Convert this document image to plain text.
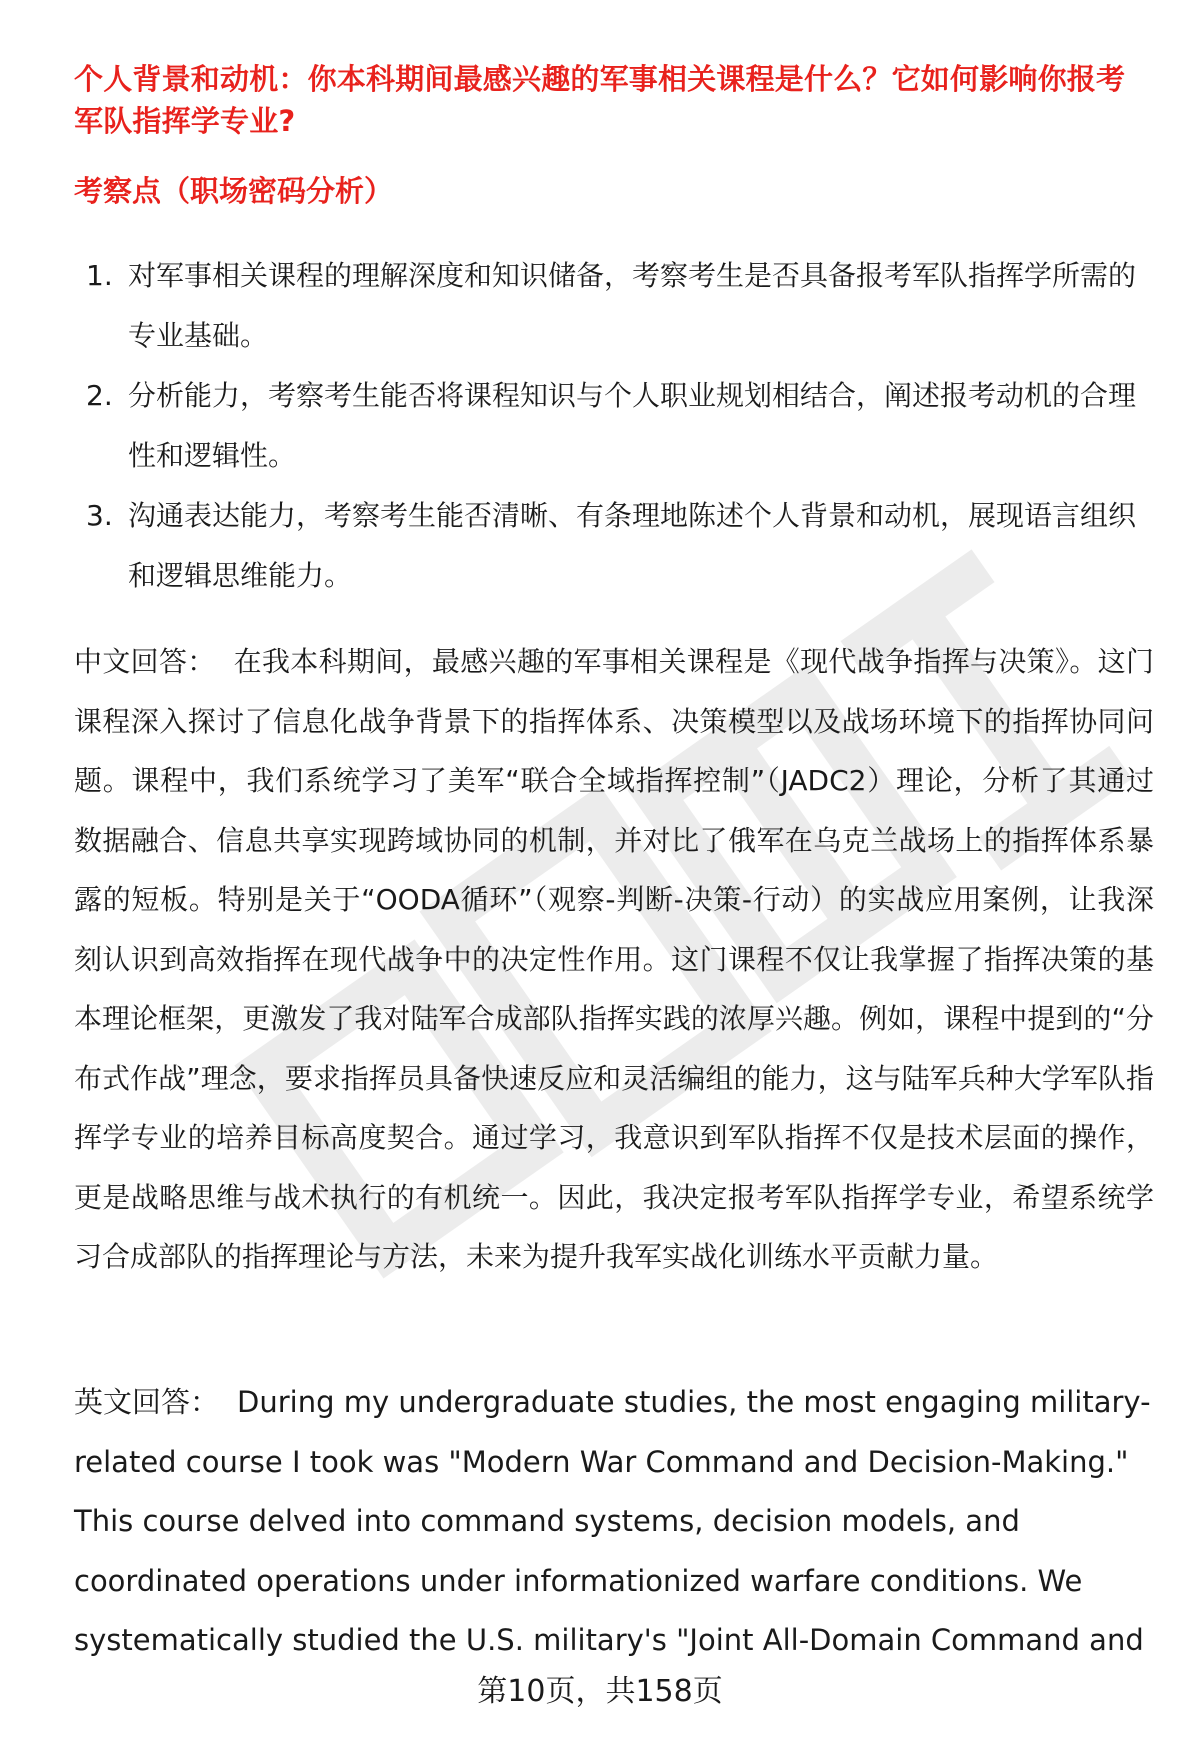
个人背景和动机：你本科期间最感兴趣的军事相关课程是什么？它如何影响你报考军队指挥学专业?
考察点（职场密码分析）
1. 对军事相关课程的理解深度和知识储备，考察考生是否具备报考军队指挥学所需的专业基础。
2. 分析能力，考察考生能否将课程知识与个人职业规划相结合，阐述报考动机的合理性和逻辑性。
3. 沟通表达能力，考察考生能否清晰、有条理地陈述个人背景和动机，展现语言组织和逻辑思维能力。

中文回答： 在我本科期间，最感兴趣的军事相关课程是《现代战争指挥与决策》。这门课程深入探讨了信息化战争背景下的指挥体系、决策模型以及战场环境下的指挥协同问题。课程中，我们系统学习了美军“联合全域指挥控制”（JADC2）理论，分析了其通过数据融合、信息共享实现跨域协同的机制，并对比了俄军在乌克兰战场上的指挥体系暴露的短板。特别是关于“OODA循环”（观察-判断-决策-行动）的实战应用案例，让我深刻认识到高效指挥在现代战争中的决定性作用。这门课程不仅让我掌握了指挥决策的基本理论框架，更激发了我对陆军合成部队指挥实践的浓厚兴趣。例如，课程中提到的“分布式作战”理念，要求指挥员具备快速反应和灵活编组的能力，这与陆军兵种大学军队指挥学专业的培养目标高度契合。通过学习，我意识到军队指挥不仅是技术层面的操作，更是战略思维与战术执行的有机统一。因此，我决定报考军队指挥学专业，希望系统学习合成部队的指挥理论与方法，未来为提升我军实战化训练水平贡献力量。

英文回答： During my undergraduate studies, the most engaging military-related course I took was "Modern War Command and Decision-Making." This course delved into command systems, decision models, and coordinated operations under informationized warfare conditions. We systematically studied the U.S. military's "Joint All-Domain Command and

第10页，共158页
